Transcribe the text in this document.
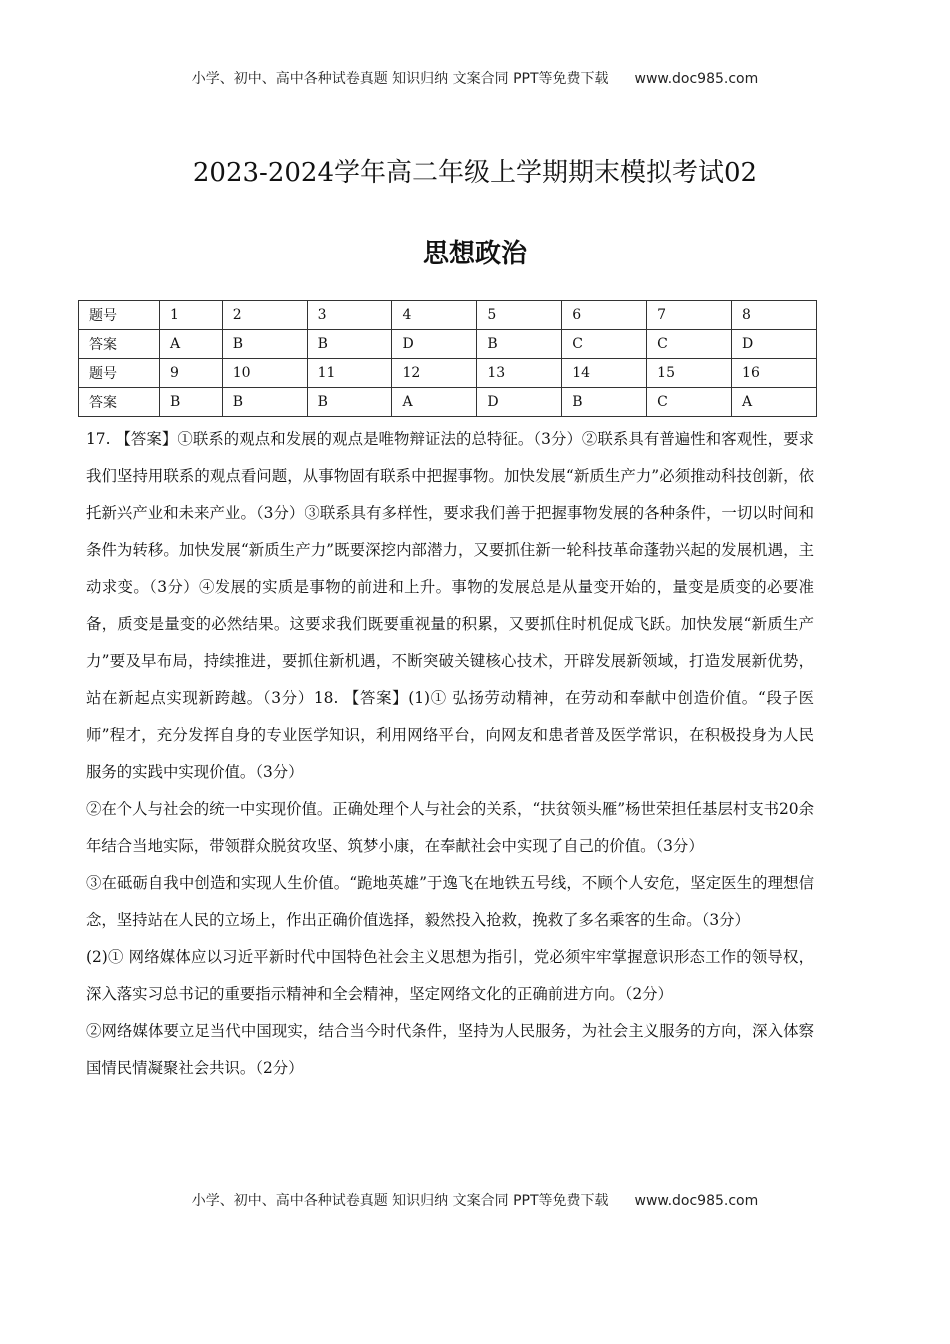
小学、初中、高中各种试卷真题 知识归纳 文案合同 PPT等免费下载 www.doc985.com
2023-2024学年高二年级上学期期末模拟考试02
思想政治
题号	1	2	3	4	5	6	7	8
答案	A	B	B	D	B	C	C	D
题号	9	10	11	12	13	14	15	16
答案	B	B	B	A	D	B	C	A

17. 【答案】①联系的观点和发展的观点是唯物辩证法的总特征。（3分）②联系具有普遍性和客观性，要求我们坚持用联系的观点看问题，从事物固有联系中把握事物。加快发展“新质生产力”必须推动科技创新，依托新兴产业和未来产业。（3分）③联系具有多样性，要求我们善于把握事物发展的各种条件，一切以时间和条件为转移。加快发展“新质生产力”既要深挖内部潜力，又要抓住新一轮科技革命蓬勃兴起的发展机遇，主动求变。（3分）④发展的实质是事物的前进和上升。事物的发展总是从量变开始的，量变是质变的必要准备，质变是量变的必然结果。这要求我们既要重视量的积累，又要抓住时机促成飞跃。加快发展“新质生产力”要及早布局，持续推进，要抓住新机遇，不断突破关键核心技术，开辟发展新领域，打造发展新优势，站在新起点实现新跨越。（3分）18. 【答案】(1)① 弘扬劳动精神，在劳动和奉献中创造价值。“段子医师”程才，充分发挥自身的专业医学知识，利用网络平台，向网友和患者普及医学常识，在积极投身为人民服务的实践中实现价值。（3分）

②在个人与社会的统一中实现价值。正确处理个人与社会的关系，“扶贫领头雁”杨世荣担任基层村支书20余年结合当地实际，带领群众脱贫攻坚、筑梦小康，在奉献社会中实现了自己的价值。（3分）

③在砥砺自我中创造和实现人生价值。“跪地英雄”于逸飞在地铁五号线，不顾个人安危，坚定医生的理想信念，坚持站在人民的立场上，作出正确价值选择，毅然投入抢救，挽救了多名乘客的生命。（3分）

(2)① 网络媒体应以习近平新时代中国特色社会主义思想为指引，党必须牢牢掌握意识形态工作的领导权，深入落实习总书记的重要指示精神和全会精神，坚定网络文化的正确前进方向。（2分）

②网络媒体要立足当代中国现实，结合当今时代条件，坚持为人民服务，为社会主义服务的方向，深入体察国情民情凝聚社会共识。（2分）

小学、初中、高中各种试卷真题 知识归纳 文案合同 PPT等免费下载 www.doc985.com
